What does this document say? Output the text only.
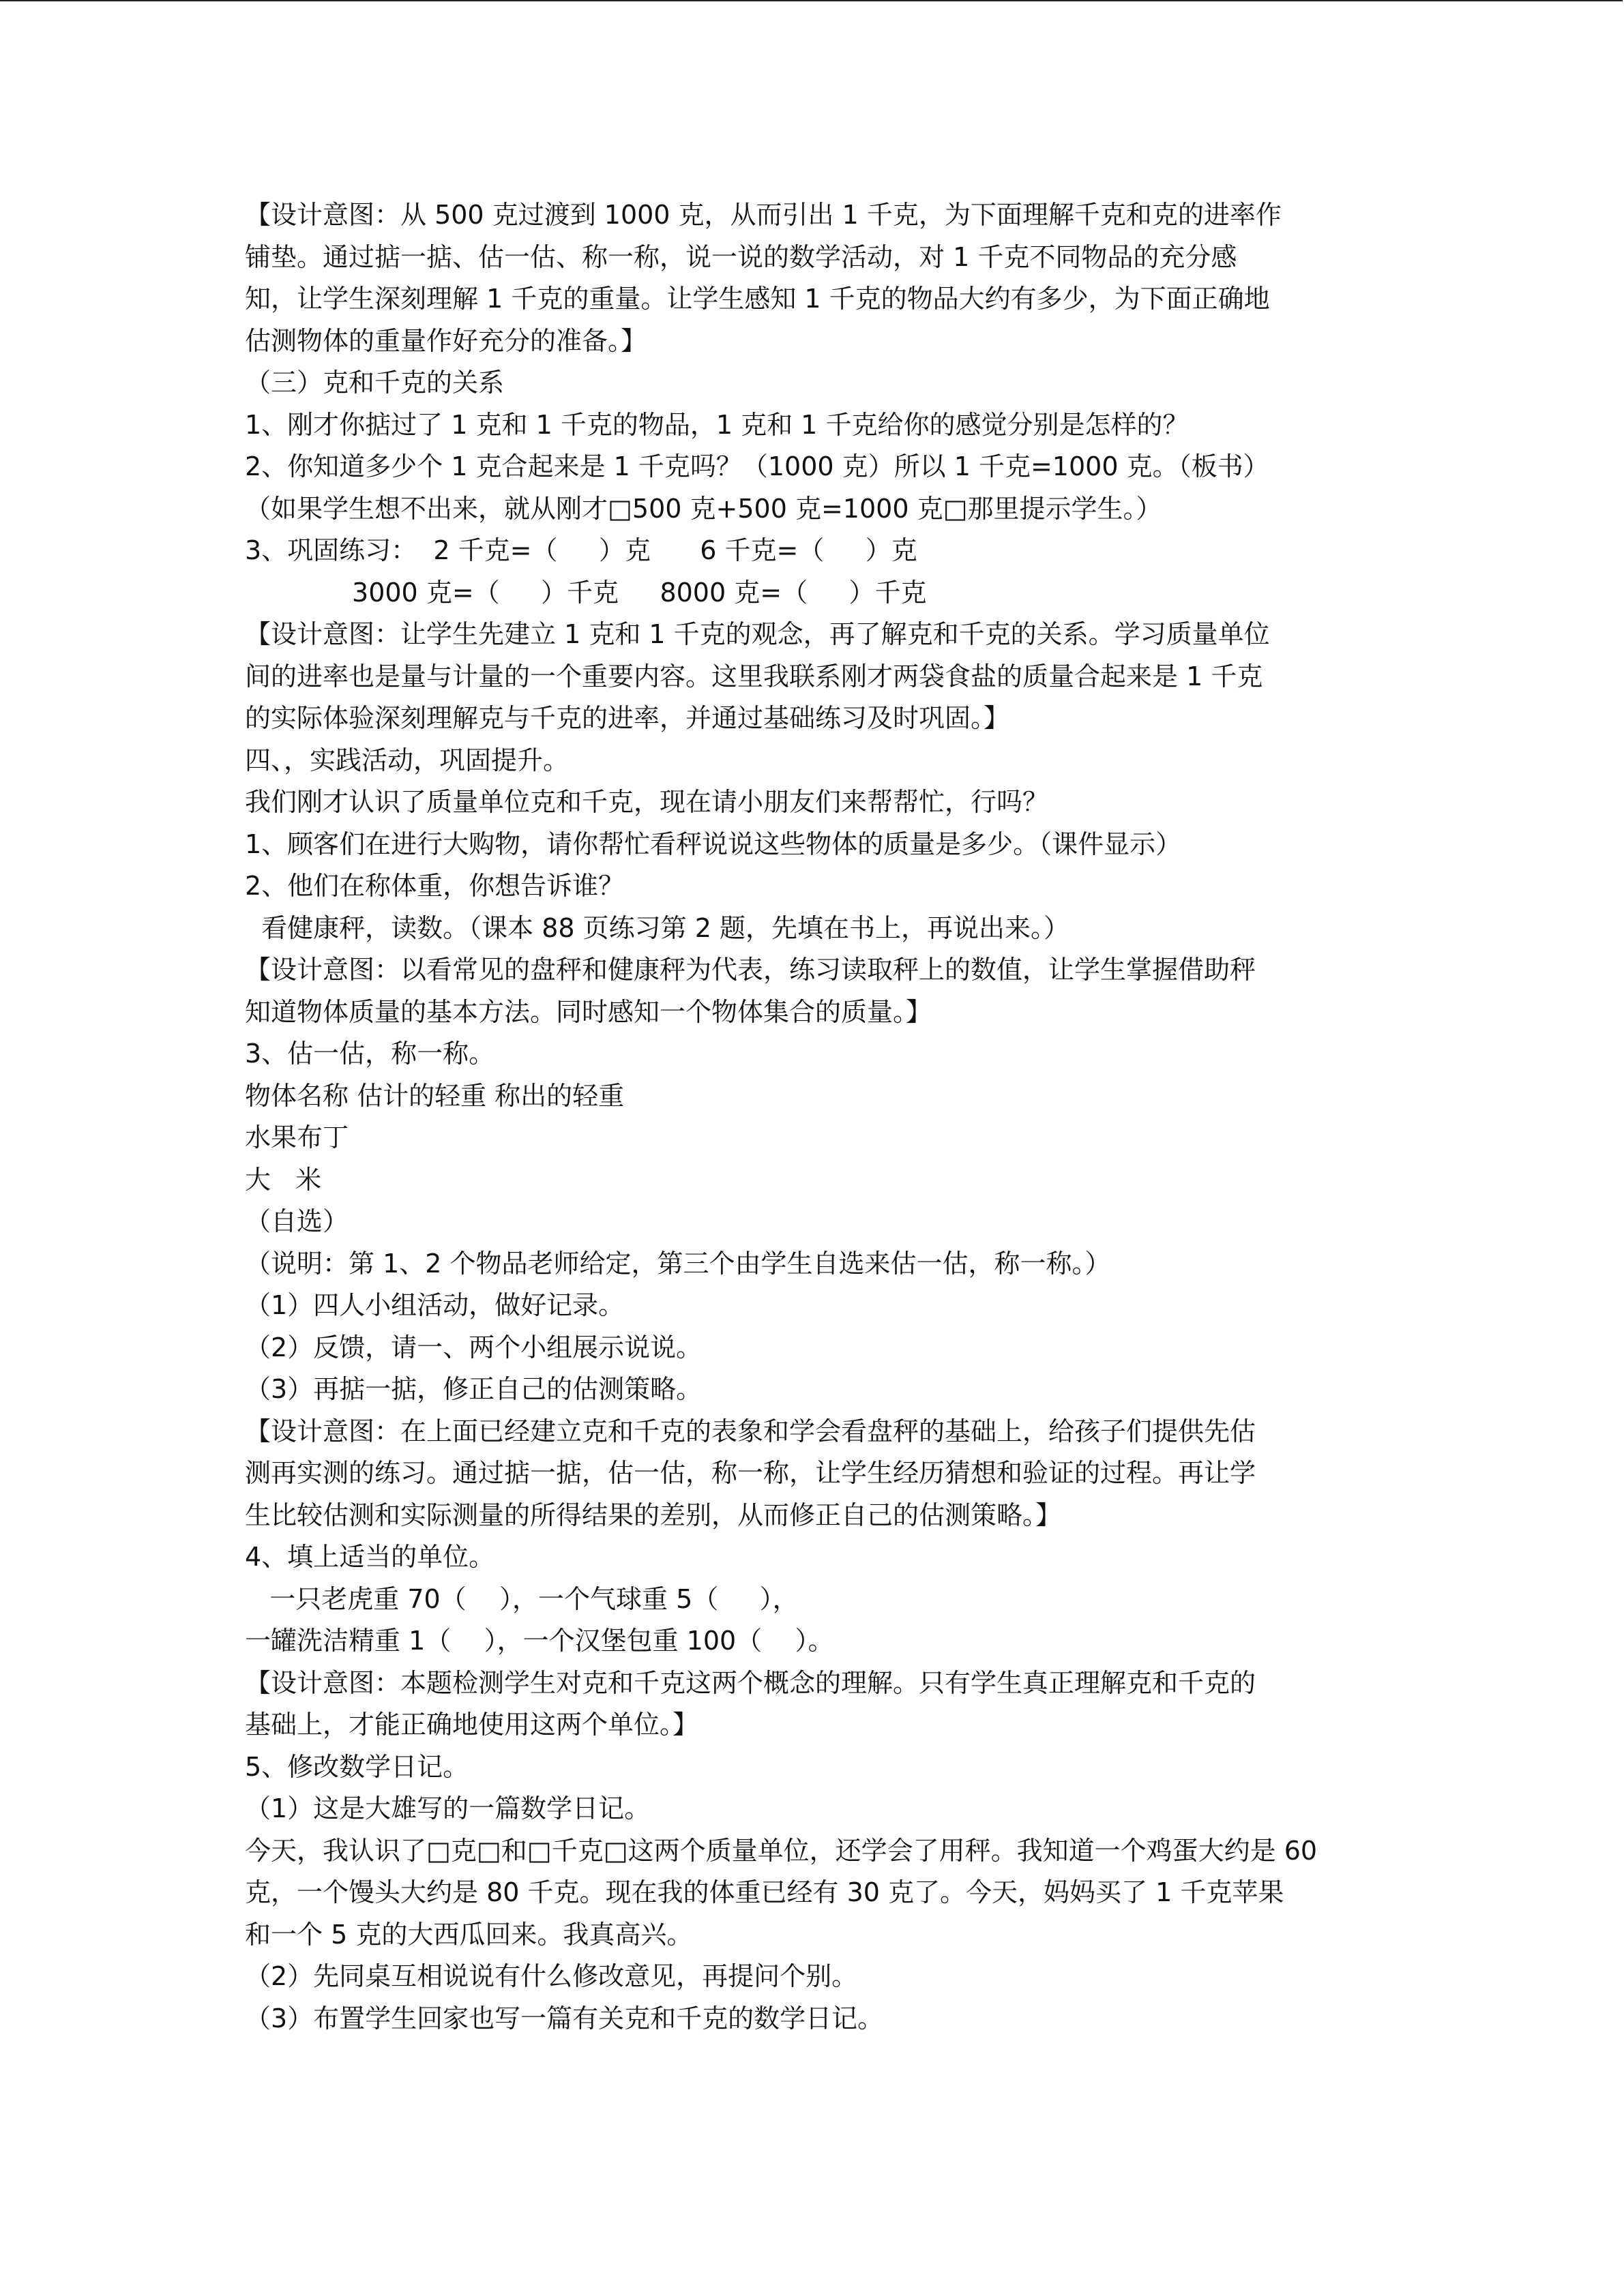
【设计意图：从 500 克过渡到 1000 克，从而引出 1 千克，为下面理解千克和克的进率作
铺垫。通过掂一掂、估一估、称一称，说一说的数学活动，对 1 千克不同物品的充分感
知，让学生深刻理解 1 千克的重量。让学生感知 1 千克的物品大约有多少，为下面正确地
估测物体的重量作好充分的准备。】
（三）克和千克的关系
1、刚才你掂过了 1 克和 1 千克的物品，1 克和 1 千克给你的感觉分别是怎样的？
2、你知道多少个 1 克合起来是 1 千克吗？（1000 克）所以 1 千克=1000 克。（板书）
（如果学生想不出来，就从刚才□500 克+500 克=1000 克□那里提示学生。）
3、巩固练习：  2 千克=（     ）克      6 千克=（     ）克
3000 克=（     ）千克     8000 克=（     ）千克
【设计意图：让学生先建立 1 克和 1 千克的观念，再了解克和千克的关系。学习质量单位
间的进率也是量与计量的一个重要内容。这里我联系刚才两袋食盐的质量合起来是 1 千克
的实际体验深刻理解克与千克的进率，并通过基础练习及时巩固。】
四、，实践活动，巩固提升。
我们刚才认识了质量单位克和千克，现在请小朋友们来帮帮忙，行吗？
1、顾客们在进行大购物，请你帮忙看秤说说这些物体的质量是多少。（课件显示）
2、他们在称体重，你想告诉谁？
看健康秤，读数。（课本 88 页练习第 2 题，先填在书上，再说出来。）
【设计意图：以看常见的盘秤和健康秤为代表，练习读取秤上的数值，让学生掌握借助秤
知道物体质量的基本方法。同时感知一个物体集合的质量。】
3、估一估，称一称。
物体名称 估计的轻重 称出的轻重
水果布丁
大   米
（自选）
（说明：第 1、2 个物品老师给定，第三个由学生自选来估一估，称一称。）
（1）四人小组活动，做好记录。
（2）反馈，请一、两个小组展示说说。
（3）再掂一掂，修正自己的估测策略。
【设计意图：在上面已经建立克和千克的表象和学会看盘秤的基础上，给孩子们提供先估
测再实测的练习。通过掂一掂，估一估，称一称，让学生经历猜想和验证的过程。再让学
生比较估测和实际测量的所得结果的差别，从而修正自己的估测策略。】
4、填上适当的单位。
一只老虎重 70（    ），一个气球重 5（     ），
一罐洗洁精重 1（    ），一个汉堡包重 100（    ）。
【设计意图：本题检测学生对克和千克这两个概念的理解。只有学生真正理解克和千克的
基础上，才能正确地使用这两个单位。】
5、修改数学日记。
（1）这是大雄写的一篇数学日记。
今天，我认识了□克□和□千克□这两个质量单位，还学会了用秤。我知道一个鸡蛋大约是 60
克，一个馒头大约是 80 千克。现在我的体重已经有 30 克了。今天，妈妈买了 1 千克苹果
和一个 5 克的大西瓜回来。我真高兴。
（2）先同桌互相说说有什么修改意见，再提问个别。
（3）布置学生回家也写一篇有关克和千克的数学日记。
